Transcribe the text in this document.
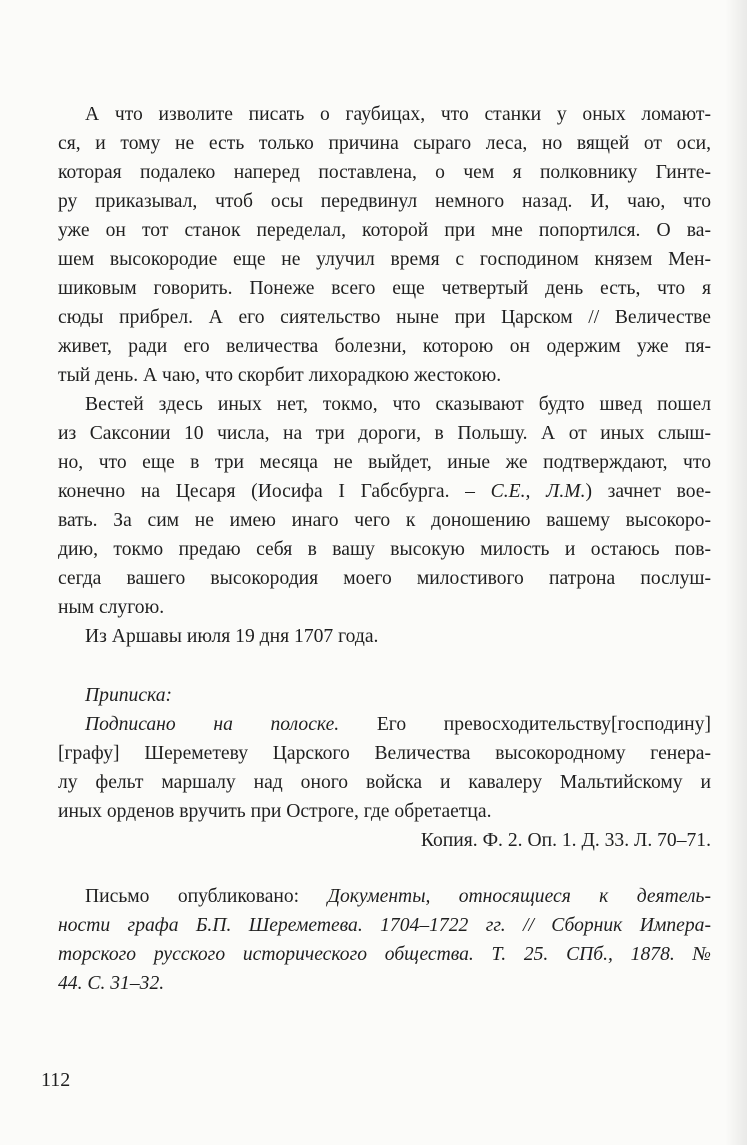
А что изволите писать о гаубицах, что станки у оных ломают-
ся, и тому не есть только причина сыраго леса, но вящей от оси,
которая подалеко наперед поставлена, о чем я полковнику Гинте-
ру приказывал, чтоб осы передвинул немного назад. И, чаю, что
уже он тот станок переделал, которой при мне попортился. О ва-
шем высокородие еще не улучил время с господином князем Мен-
шиковым говорить. Понеже всего еще четвертый день есть, что я
сюды прибрел. А его сиятельство ныне при Царском // Величестве
живет, ради его величества болезни, которою он одержим уже пя-
тый день. А чаю, что скорбит лихорадкою жестокою.
Вестей здесь иных нет, токмо, что сказывают будто швед пошел
из Саксонии 10 числа, на три дороги, в Польшу. А от иных слыш-
но, что еще в три месяца не выйдет, иные же подтверждают, что
конечно на Цесаря (Иосифа I Габсбурга. – С.Е., Л.М.) зачнет вое-
вать. За сим не имею инаго чего к доношению вашему высокоро-
дию, токмо предаю себя в вашу высокую милость и остаюсь пов-
сегда вашего высокородия моего милостивого патрона послуш-
ным слугою.
Из Аршавы июля 19 дня 1707 года.
Приписка:
Подписано на полоске. Его превосходительству[господину]
[графу] Шереметеву Царского Величества высокородному генера-
лу фельт маршалу над оного войска и кавалеру Мальтийскому и
иных орденов вручить при Остроге, где обретаетца.
Копия. Ф. 2. Оп. 1. Д. 33. Л. 70–71.
Письмо опубликовано: Документы, относящиеся к деятель-
ности графа Б.П. Шереметева. 1704–1722 гг. // Сборник Импера-
торского русского исторического общества. Т. 25. СПб., 1878. №
44. С. 31–32.
112
